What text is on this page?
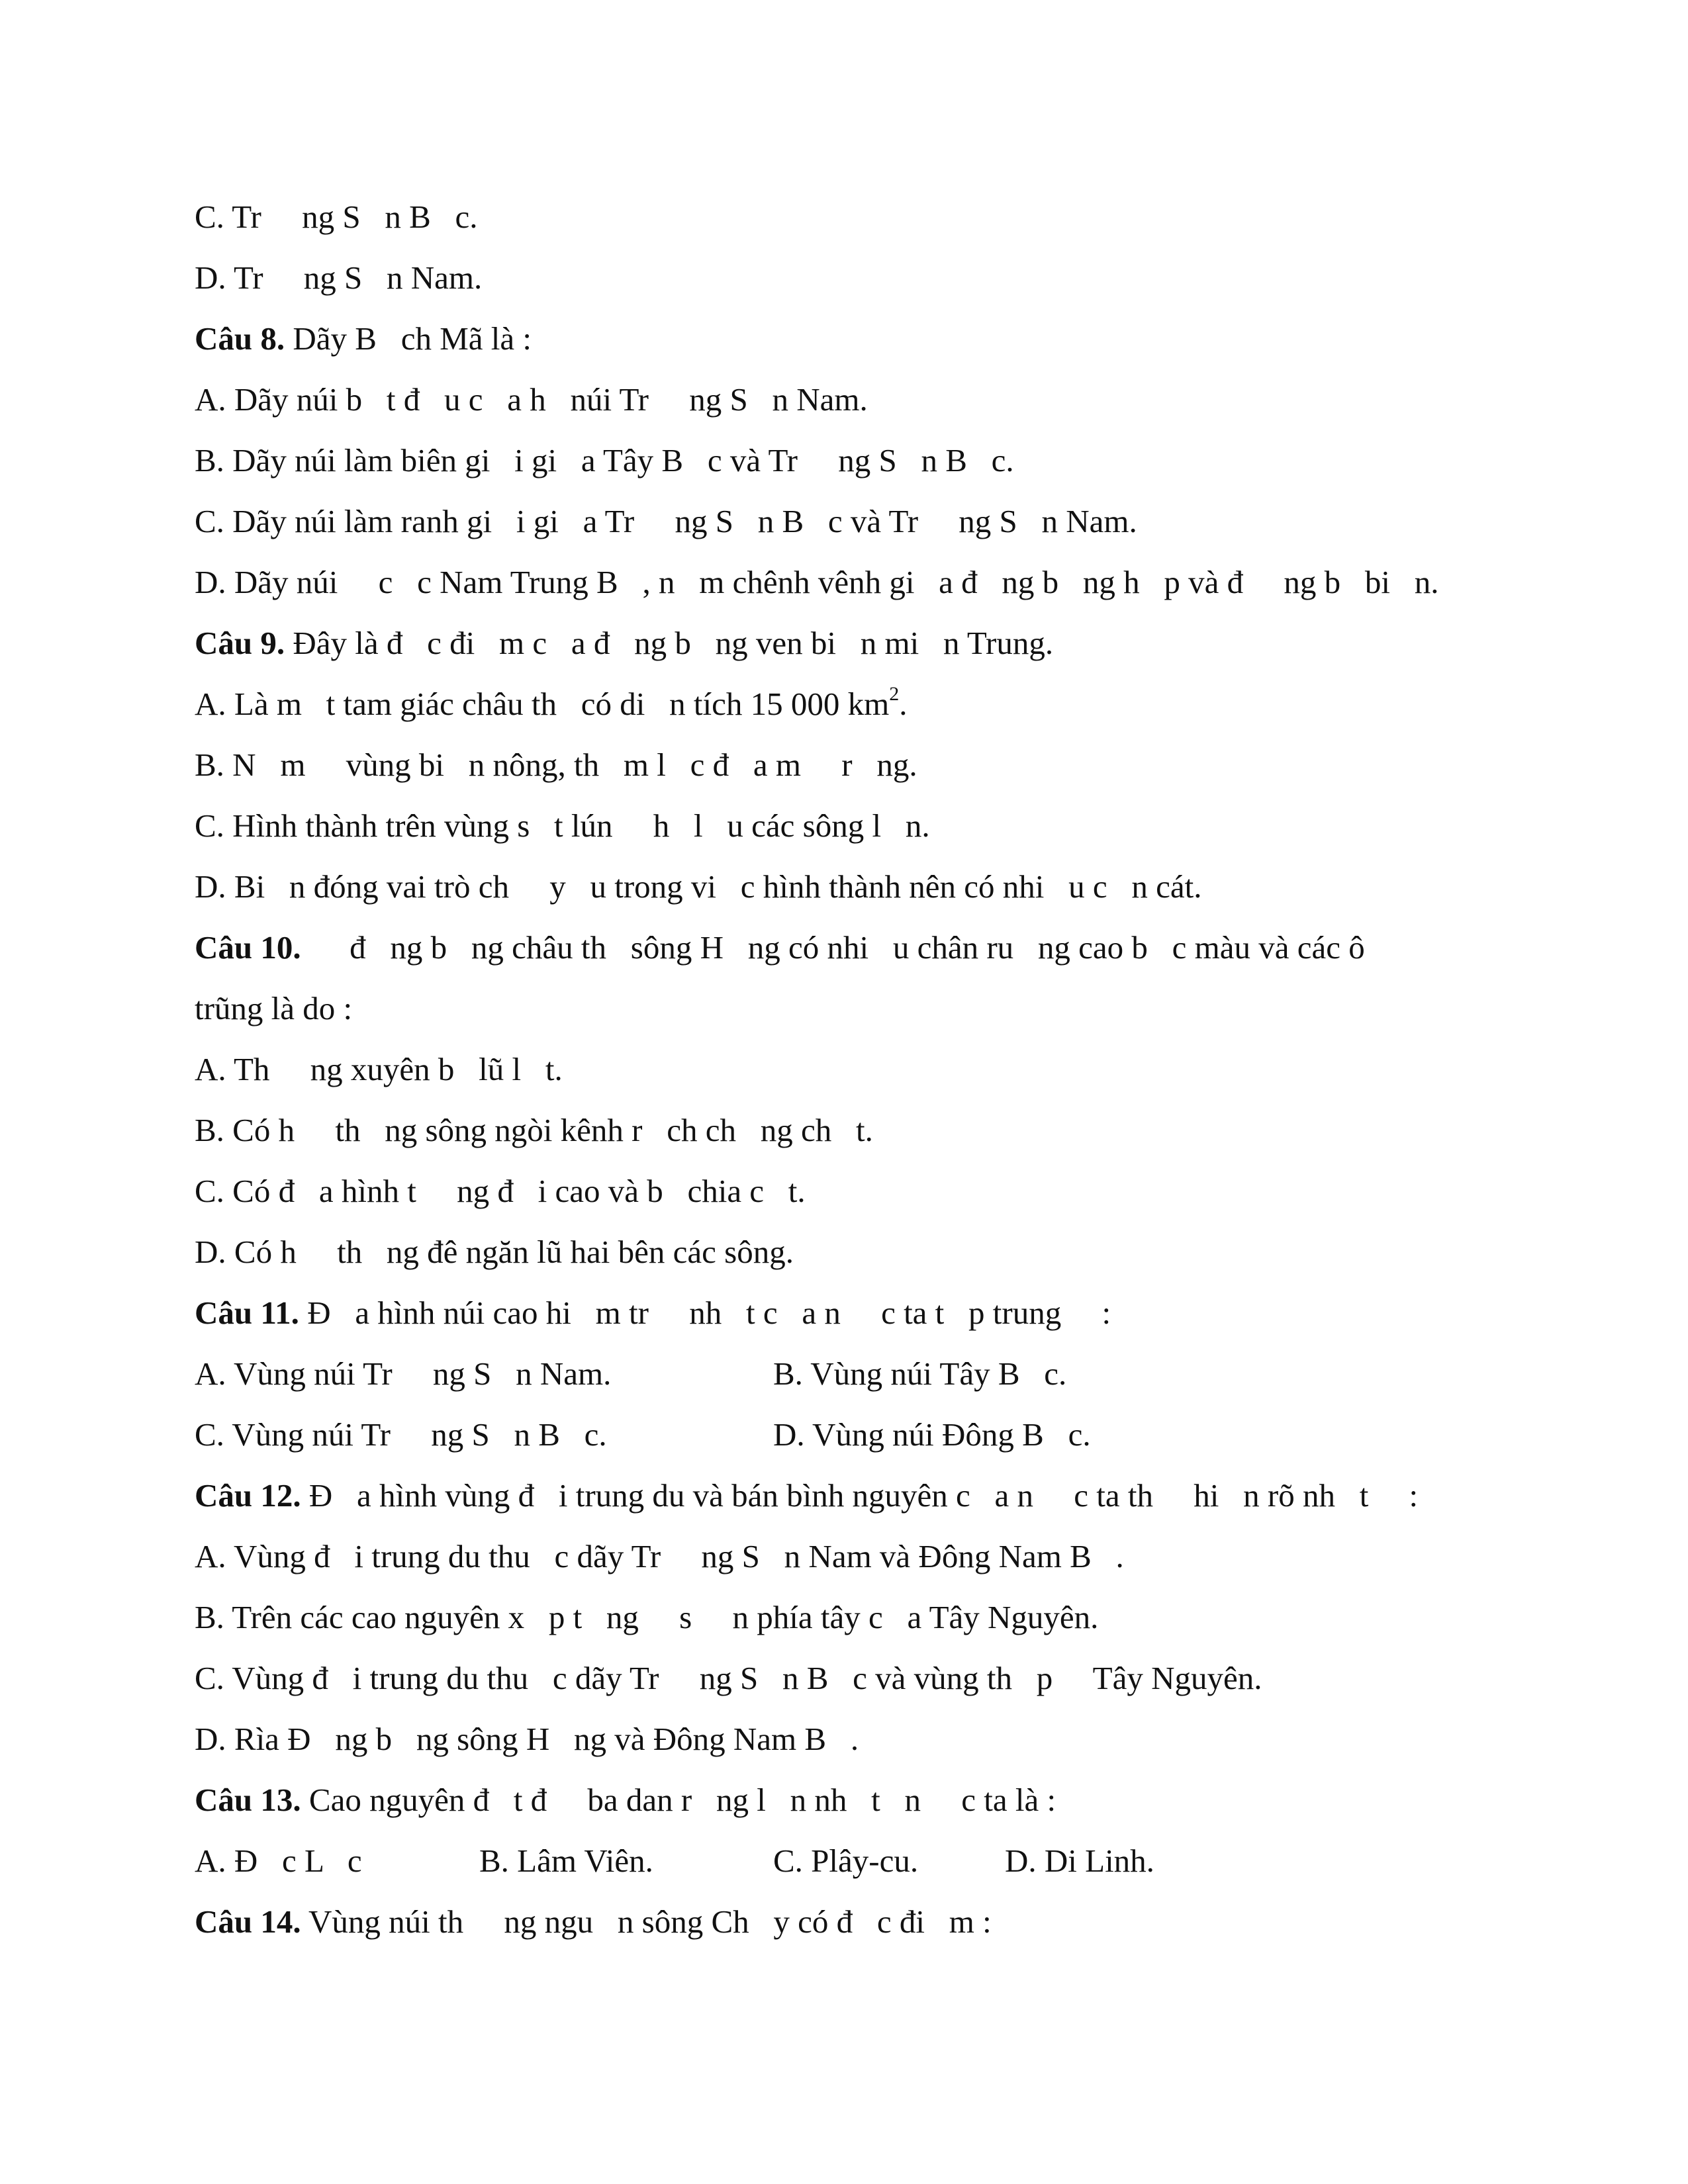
C. Tr     ng S   n B   c.
D. Tr     ng S   n Nam.
Câu 8. Dãy B   ch Mã là :
A. Dãy núi b   t đ   u c   a h   núi Tr     ng S   n Nam.
B. Dãy núi làm biên gi   i gi   a Tây B   c và Tr     ng S   n B   c.
C. Dãy núi làm ranh gi   i gi   a Tr     ng S   n B   c và Tr     ng S   n Nam.
D. Dãy núi     c   c Nam Trung B   , n   m chênh vênh gi   a đ   ng b   ng h   p và đ     ng b   bi   n.
Câu 9. Đây là đ   c đi   m c   a đ   ng b   ng ven bi   n mi   n Trung.
A. Là m   t tam giác châu th   có di   n tích 15 000 $km^2$.
B. N   m     vùng bi   n nông, th   m l   c đ   a m     r   ng.
C. Hình thành trên vùng s   t lún     h   l   u các sông l   n.
D. Bi   n đóng vai trò ch     y   u trong vi   c hình thành nên có nhi   u c   n cát.
Câu 10.      đ   ng b   ng châu th   sông H   ng có nhi   u chân ru   ng cao b   c màu và các ô
trũng là do :
A. Th     ng xuyên b   lũ l   t.
B. Có h     th   ng sông ngòi kênh r   ch ch   ng ch   t.
C. Có đ   a hình t     ng đ   i cao và b   chia c   t.
D. Có h     th   ng đê ngăn lũ hai bên các sông.
Câu 11. Đ   a hình núi cao hi   m tr     nh   t c   a n     c ta t   p trung     :
A. Vùng núi Tr     ng S   n Nam.	B. Vùng núi Tây B   c.
C. Vùng núi Tr     ng S   n B   c.	D. Vùng núi Đông B   c.
Câu 12. Đ   a hình vùng đ   i trung du và bán bình nguyên c   a n     c ta th     hi   n rõ nh   t     :
A. Vùng đ   i trung du thu   c dãy Tr     ng S   n Nam và Đông Nam B   .
B. Trên các cao nguyên x   p t   ng     s     n phía tây c   a Tây Nguyên.
C. Vùng đ   i trung du thu   c dãy Tr     ng S   n B   c và vùng th   p     Tây Nguyên.
D. Rìa Đ   ng b   ng sông H   ng và Đông Nam B   .
Câu 13. Cao nguyên đ   t đ     ba dan r   ng l   n nh   t   n     c ta là :
A. Đ   c L   c	B. Lâm Viên.	C. Plây-cu.	D. Di Linh.
Câu 14. Vùng núi th     ng ngu   n sông Ch   y có đ   c đi   m :
